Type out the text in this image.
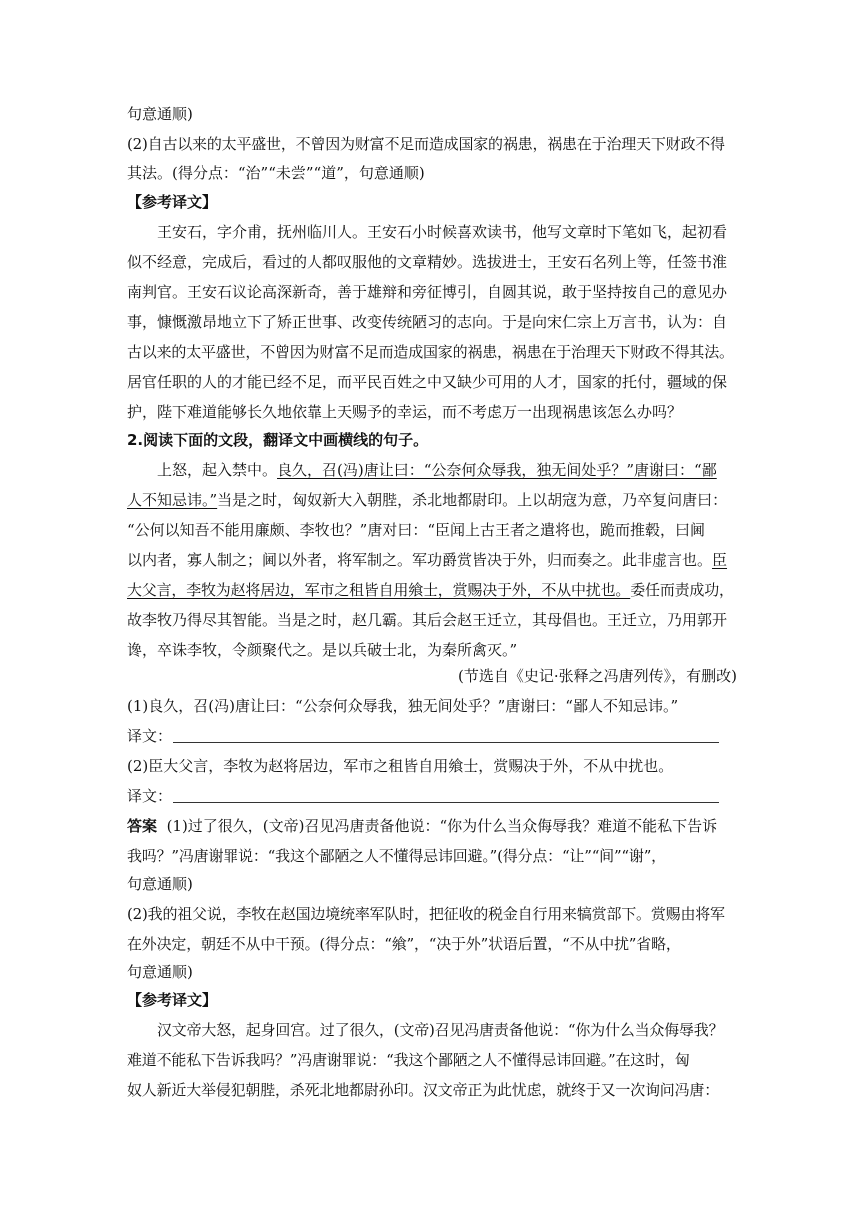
句意通顺)
(2)自古以来的太平盛世，不曾因为财富不足而造成国家的祸患，祸患在于治理天下财政不得
其法。(得分点：“治”“未尝”“道”，句意通顺)
【参考译文】
王安石，字介甫，抚州临川人。王安石小时候喜欢读书，他写文章时下笔如飞，起初看
似不经意，完成后，看过的人都叹服他的文章精妙。选拔进士，王安石名列上等，任签书淮
南判官。王安石议论高深新奇，善于雄辩和旁征博引，自圆其说，敢于坚持按自己的意见办
事，慷慨激昂地立下了矫正世事、改变传统陋习的志向。于是向宋仁宗上万言书，认为：自
古以来的太平盛世，不曾因为财富不足而造成国家的祸患，祸患在于治理天下财政不得其法。
居官任职的人的才能已经不足，而平民百姓之中又缺少可用的人才，国家的托付，疆域的保
护，陛下难道能够长久地依靠上天赐予的幸运，而不考虑万一出现祸患该怎么办吗？
2.阅读下面的文段，翻译文中画横线的句子。
上怒，起入禁中。良久，召(冯)唐让曰：“公奈何众辱我，独无间处乎？”唐谢曰：“鄙
人不知忌讳。”当是之时，匈奴新大入朝䏶，杀北地都尉印。上以胡寇为意，乃卒复问唐曰：
“公何以知吾不能用廉颇、李牧也？”唐对曰：“臣闻上古王者之遣将也，跪而推毂，曰阃
以内者，寡人制之；阃以外者，将军制之。军功爵赏皆决于外，归而奏之。此非虚言也。臣
大父言，李牧为赵将居边，军市之租皆自用飨士，赏赐决于外，不从中扰也。委任而责成功，
故李牧乃得尽其智能。当是之时，赵几霸。其后会赵王迁立，其母倡也。王迁立，乃用郭开
谗，卒诛李牧，令颜聚代之。是以兵破士北，为秦所禽灭。”
(节选自《史记·张释之冯唐列传》，有删改)
(1)良久，召(冯)唐让曰：“公奈何众辱我，独无间处乎？”唐谢曰：“鄙人不知忌讳。”
译文：
(2)臣大父言，李牧为赵将居边，军市之租皆自用飨士，赏赐决于外，不从中扰也。
译文：
答案 (1)过了很久，(文帝)召见冯唐责备他说：“你为什么当众侮辱我？难道不能私下告诉
我吗？”冯唐谢罪说：“我这个鄙陋之人不懂得忌讳回避。”(得分点：“让”“间”“谢”，
句意通顺)
(2)我的祖父说，李牧在赵国边境统率军队时，把征收的税金自行用来犒赏部下。赏赐由将军
在外决定，朝廷不从中干预。(得分点：“飨”，“决于外”状语后置，“不从中扰”省略，
句意通顺)
【参考译文】
汉文帝大怒，起身回宫。过了很久，(文帝)召见冯唐责备他说：“你为什么当众侮辱我？
难道不能私下告诉我吗？”冯唐谢罪说：“我这个鄙陋之人不懂得忌讳回避。”在这时，匈
奴人新近大举侵犯朝䏶，杀死北地都尉孙印。汉文帝正为此忧虑，就终于又一次询问冯唐：
